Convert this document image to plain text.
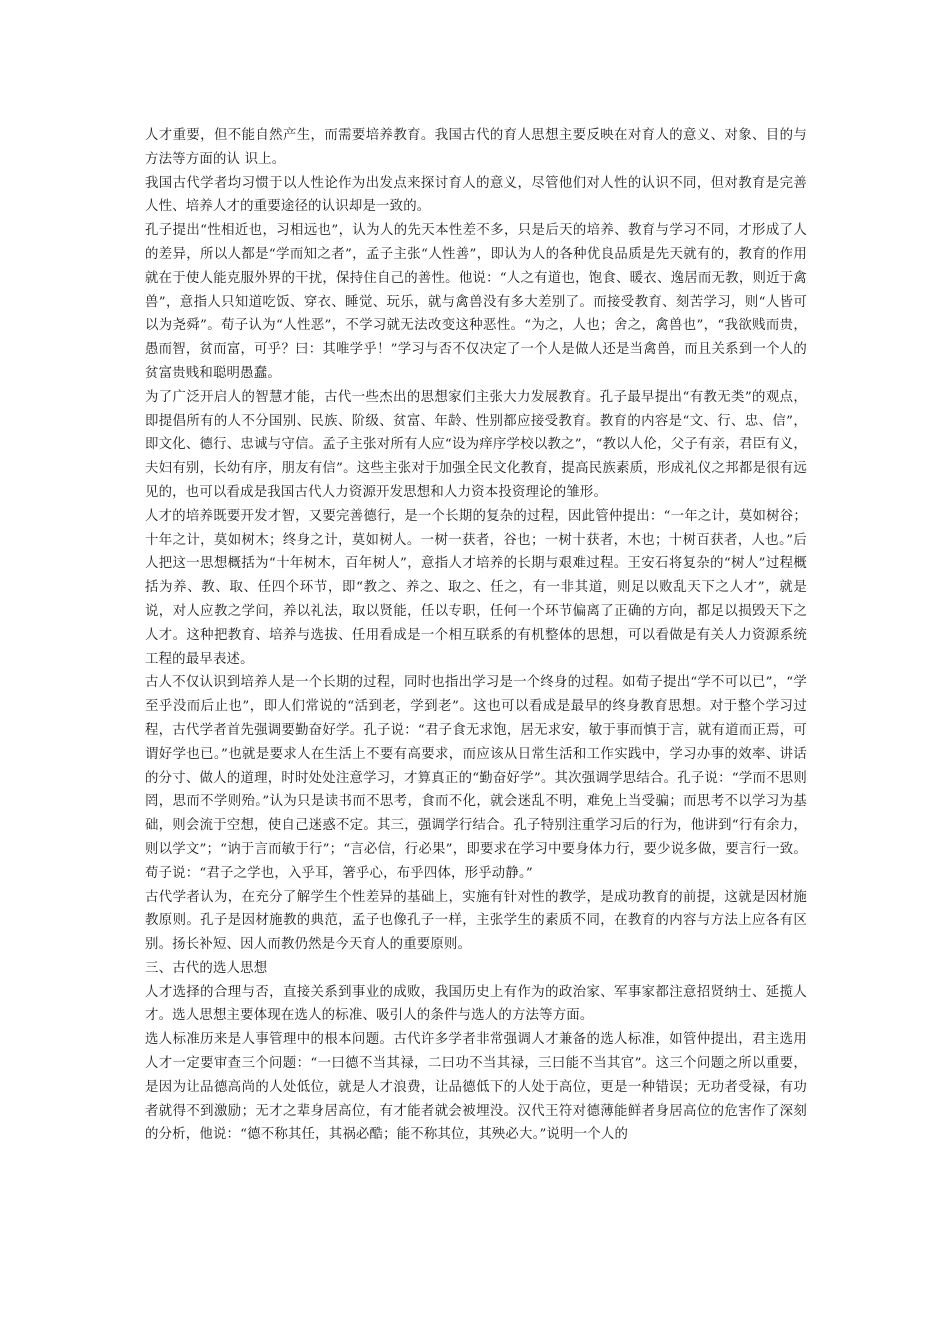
人才重要，但不能自然产生，而需要培养教育。我国古代的育人思想主要反映在对育人的意义、对象、目的与方法等方面的认 识上。

我国古代学者均习惯于以人性论作为出发点来探讨育人的意义，尽管他们对人性的认识不同，但对教育是完善人性、培养人才的重要途径的认识却是一致的。

孔子提出“性相近也，习相远也”，认为人的先天本性差不多，只是后天的培养、教育与学习不同，才形成了人的差异，所以人都是“学而知之者”，孟子主张“人性善”，即认为人的各种优良品质是先天就有的，教育的作用就在于使人能克服外界的干扰，保持住自己的善性。他说：“人之有道也，饱食、暖衣、逸居而无教，则近于禽兽”，意指人只知道吃饭、穿衣、睡觉、玩乐，就与禽兽没有多大差别了。而接受教育、刻苦学习，则“人皆可以为尧舜”。荀子认为“人性恶”，不学习就无法改变这种恶性。“为之，人也；舍之，禽兽也”，“我欲贱而贵，愚而智，贫而富，可乎？曰：其唯学乎！”学习与否不仅决定了一个人是做人还是当禽兽，而且关系到一个人的贫富贵贱和聪明愚蠢。

为了广泛开启人的智慧才能，古代一些杰出的思想家们主张大力发展教育。孔子最早提出“有教无类”的观点，即提倡所有的人不分国别、民族、阶级、贫富、年龄、性别都应接受教育。教育的内容是“文、行、忠、信”，即文化、德行、忠诚与守信。孟子主张对所有人应“设为痒序学校以教之”，“教以人伦，父子有亲，君臣有义，夫妇有别，长幼有序，朋友有信”。这些主张对于加强全民文化教育，提高民族素质，形成礼仪之邦都是很有远见的，也可以看成是我国古代人力资源开发思想和人力资本投资理论的雏形。

人才的培养既要开发才智，又要完善德行，是一个长期的复杂的过程，因此管仲提出：“一年之计，莫如树谷；十年之计，莫如树木；终身之计，莫如树人。一树一获者，谷也；一树十获者，木也；十树百获者，人也。”后人把这一思想概括为“十年树木，百年树人”，意指人才培养的长期与艰难过程。王安石将复杂的“树人”过程概括为养、教、取、任四个环节，即“教之、养之、取之、任之，有一非其道，则足以败乱天下之人才”，就是说，对人应教之学问，养以礼法，取以贤能，任以专职，任何一个环节偏离了正确的方向，都足以损毁天下之人才。这种把教育、培养与选拔、任用看成是一个相互联系的有机整体的思想，可以看做是有关人力资源系统工程的最早表述。

古人不仅认识到培养人是一个长期的过程，同时也指出学习是一个终身的过程。如荀子提出“学不可以已”，“学至乎没而后止也”，即人们常说的“活到老，学到老”。这也可以看成是最早的终身教育思想。对于整个学习过程，古代学者首先强调要勤奋好学。孔子说：“君子食无求饱，居无求安，敏于事而慎于言，就有道而正焉，可谓好学也已。”也就是要求人在生活上不要有高要求，而应该从日常生活和工作实践中，学习办事的效率、讲话的分寸、做人的道理，时时处处注意学习，才算真正的“勤奋好学”。其次强调学思结合。孔子说：“学而不思则罔，思而不学则殆。”认为只是读书而不思考，食而不化，就会迷乱不明，难免上当受骗；而思考不以学习为基础，则会流于空想，使自己迷惑不定。其三，强调学行结合。孔子特别注重学习后的行为，他讲到“行有余力，则以学文”；“讷于言而敏于行”；“言必信，行必果”，即要求在学习中要身体力行，要少说多做，要言行一致。荀子说：“君子之学也，入乎耳，箸乎心，布乎四体，形乎动静。”

古代学者认为，在充分了解学生个性差异的基础上，实施有针对性的教学，是成功教育的前提，这就是因材施教原则。孔子是因材施教的典范，孟子也像孔子一样，主张学生的素质不同，在教育的内容与方法上应各有区别。扬长补短、因人而教仍然是今天育人的重要原则。

三、古代的选人思想

人才选择的合理与否，直接关系到事业的成败，我国历史上有作为的政治家、军事家都注意招贤纳士、延揽人才。选人思想主要体现在选人的标准、吸引人的条件与选人的方法等方面。

选人标准历来是人事管理中的根本问题。古代许多学者非常强调人才兼备的选人标准，如管仲提出，君主选用人才一定要审查三个问题：“一曰德不当其禄，二曰功不当其禄，三曰能不当其官”。这三个问题之所以重要，是因为让品德高尚的人处低位，就是人才浪费，让品德低下的人处于高位，更是一种错误；无功者受禄，有功者就得不到激励；无才之辈身居高位，有才能者就会被埋没。汉代王符对德薄能鲜者身居高位的危害作了深刻的分析，他说：“德不称其任，其祸必酷；能不称其位，其殃必大。”说明一个人的
